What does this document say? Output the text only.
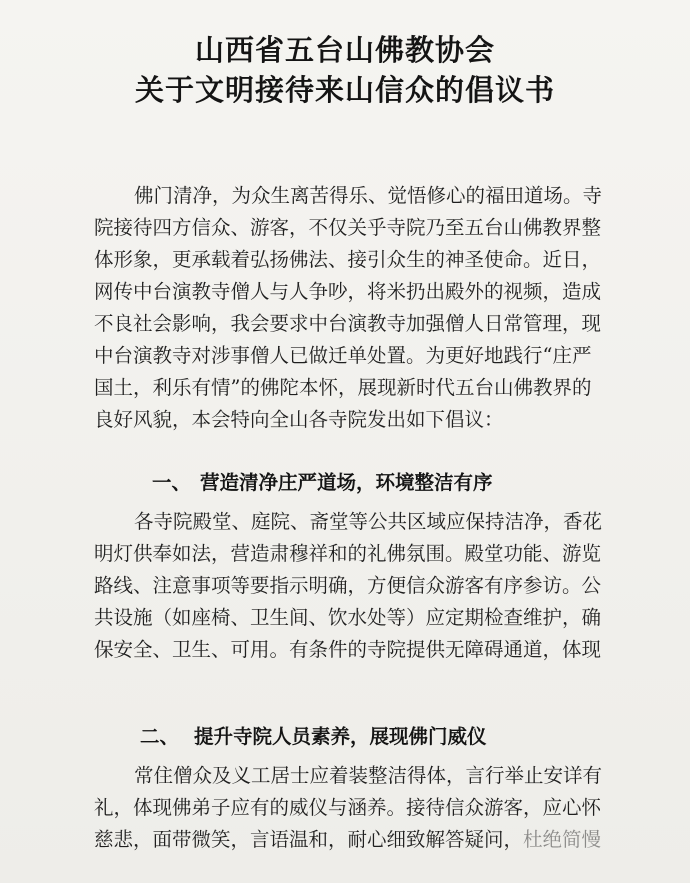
山西省五台山佛教协会
关于文明接待来山信众的倡议书
佛门清净，为众生离苦得乐、觉悟修心的福田道场。寺
院接待四方信众、游客，不仅关乎寺院乃至五台山佛教界整
体形象，更承载着弘扬佛法、接引众生的神圣使命。近日，
网传中台演教寺僧人与人争吵，将米扔出殿外的视频，造成
不良社会影响，我会要求中台演教寺加强僧人日常管理，现
中台演教寺对涉事僧人已做迁单处置。为更好地践行“庄严
国土，利乐有情”的佛陀本怀，展现新时代五台山佛教界的
良好风貌，本会特向全山各寺院发出如下倡议：
一、 营造清净庄严道场，环境整洁有序
各寺院殿堂、庭院、斋堂等公共区域应保持洁净，香花
明灯供奉如法，营造肃穆祥和的礼佛氛围。殿堂功能、游览
路线、注意事项等要指示明确，方便信众游客有序参访。公
共设施（如座椅、卫生间、饮水处等）应定期检查维护，确
保安全、卫生、可用。有条件的寺院提供无障碍通道，体现
二、 提升寺院人员素养，展现佛门威仪
常住僧众及义工居士应着装整洁得体，言行举止安详有
礼，体现佛弟子应有的威仪与涵养。接待信众游客，应心怀
慈悲，面带微笑，言语温和，耐心细致解答疑问，杜绝简慢
